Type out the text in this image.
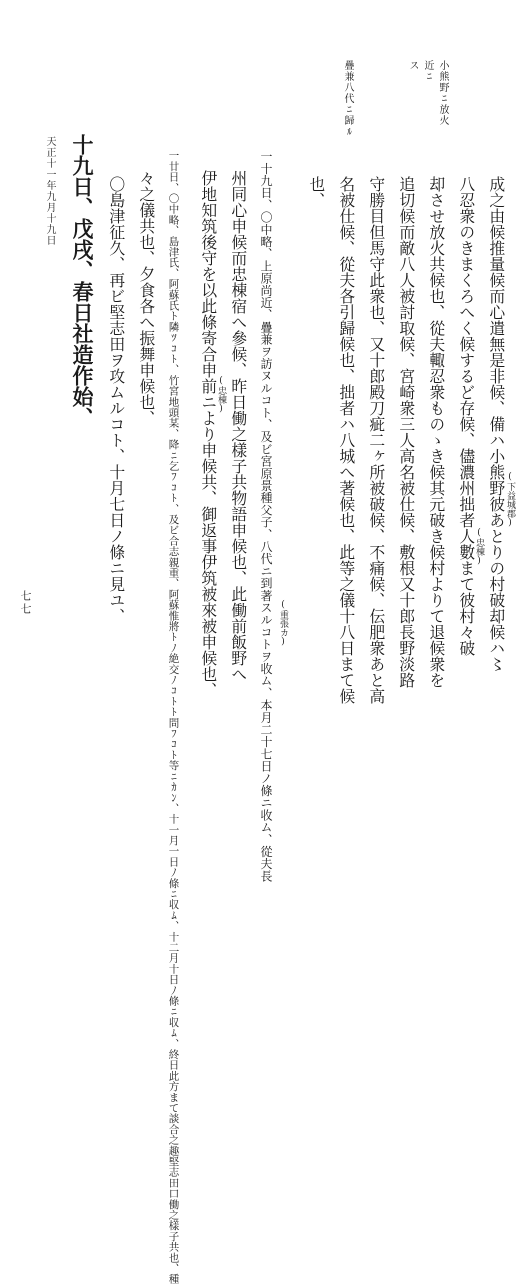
小熊野ﾆ放火
近ﾆ
ス
疊兼八代ﾆ歸ﾙ
成之由候推量候而心遣無是非候、備ハ小熊野彼あとりの村破却候ハ〻
八忍衆のきまくろへく候するど存候、儘濃州拙者人數まて彼村々破
却させ放火共候也、從夫輙忍衆ものゝき候其元破き候村よりて退候衆を
追切候而敵八人被討取候、宮崎衆三人高名被仕候、敷根又十郎長野淡路
守勝目但馬守此衆也、又十郎殿刀疵二ヶ所被破候、不痛候、伝肥衆あと高
名被仕候、從夫各引歸候也、拙者ハ八城へ著候也、此等之儀十八日まて候
也、
(下益城郡)
(忠棟)
(重張カ)
(忠棟)	一十九日、〇中略、上原尚近、疊兼ヲ訪ヌルコト、及ビ宮原景種父子、八代ニ到著スルコトヲ收ム、本月二十七日ノ條ニ收ム、從夫長
州同心申候而忠棟宿へ參候、昨日働之樣子共物語申候也、此働前飯野へ
伊地知筑後守を以此條寄合申前ニより申候共、御返事伊筑被來被申候也、
一廿日、〇中略、島津氏、阿蘇氏ト隣ﾂｺﾄ、竹宮地頭某、降ﾆ乞ﾌｺﾄ、及ビ合志親重、阿蘇惟將ﾄﾉ絶交ﾉｺﾄﾄ問ﾌｺﾄ等ﾆｶﾝ、十一月一日ﾉ條ﾆ収ﾑ、十二月十日ﾉ條ﾆ収ﾑ、終日此方まて談合之趣堅志田口働之樣子共也、種
々之儀共也、夕食各へ振舞申候也、
〇島津征久、再ビ堅志田ヲ攻ムルコト、十月七日ノ條ニ見ユ、
十九日、戊戌、春日社造作始、
天正十一年九月十九日
七七
